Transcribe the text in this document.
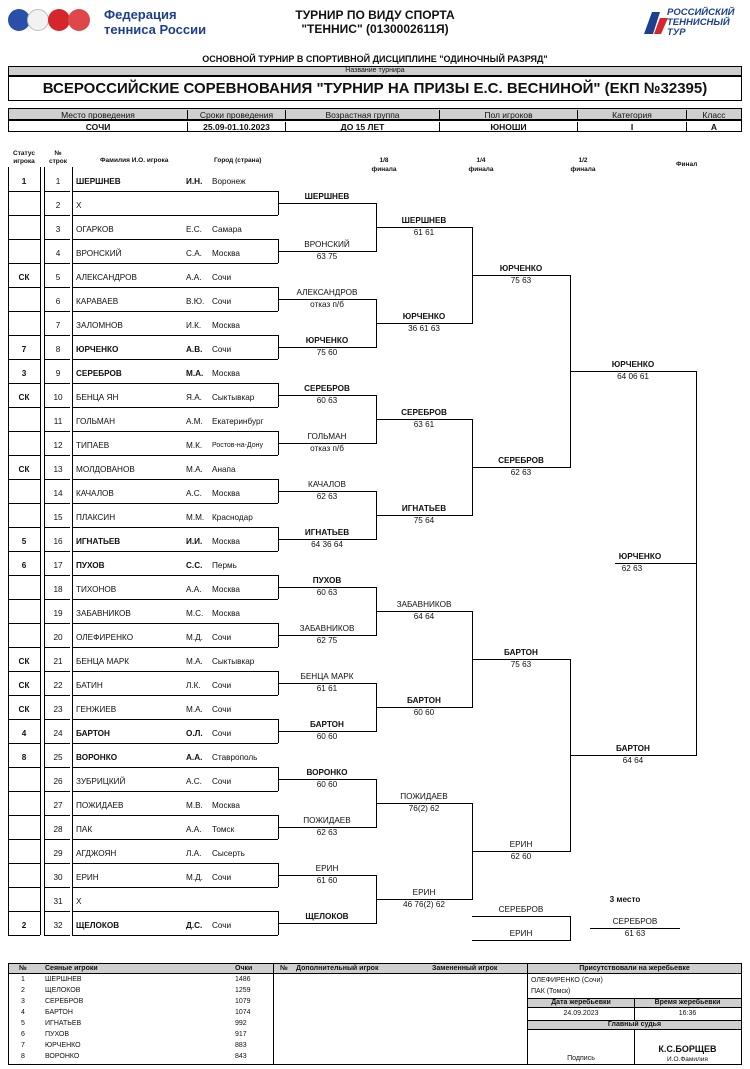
Федерация
тенниса России
ТУРНИР ПО ВИДУ СПОРТА
"ТЕННИС" (0130002611Я)
РОССИЙСКИЙ
ТЕННИСНЫЙ
ТУР
ОСНОВНОЙ ТУРНИР В СПОРТИВНОЙ ДИСЦИПЛИНЕ "ОДИНОЧНЫЙ РАЗРЯД"
Название турнира
ВСЕРОССИЙСКИЕ СОРЕВНОВАНИЯ "ТУРНИР НА ПРИЗЫ Е.С. ВЕСНИНОЙ" (ЕКП №32395)
Место проведения	Сроки проведения	Возрастная группа	Пол игроков	Категория	Класс
СОЧИ	25.09-01.10.2023	ДО 15 ЛЕТ	ЮНОШИ	I	A
Статус игрока
№ строк	Фамилия И.О. игрока	Город (страна)	1/8 финала
1/4 финала
1/2 финала
Финал
1	1 ШЕРШНЕВ	И.Н. Воронеж
2 Х
3 ОГАРКОВ	Е.С. Самара
4 ВРОНСКИЙ	С.А. Москва
СК	5 АЛЕКСАНДРОВ	А.А. Сочи
6 КАРАВАЕВ	В.Ю. Сочи
7 ЗАЛОМНОВ	И.К. Москва
7	8 ЮРЧЕНКО	А.В. Сочи
3	9 СЕРЕБРОВ	М.А. Москва
СК	10 БЕНЦА ЯН	Я.А. Сыктывкар
11 ГОЛЬМАН	А.М. Екатеринбург
12 ТИПАЕВ	М.К. Ростов-на-Дону
СК	13 МОЛДОВАНОВ	М.А. Анапа
14 КАЧАЛОВ	А.С. Москва
15 ПЛАКСИН	М.М. Краснодар
5	16 ИГНАТЬЕВ	И.И. Москва
6	17 ПУХОВ	С.С. Пермь
18 ТИХОНОВ	А.А. Москва
19 ЗАБАВНИКОВ	М.С. Москва
20 ОЛЕФИРЕНКО	М.Д. Сочи
СК	21 БЕНЦА МАРК	М.А. Сыктывкар
СК	22 БАТИН	Л.К. Сочи
СК	23 ГЕНЖИЕВ	М.А. Сочи
4	24 БАРТОН	О.Л. Сочи
8	25 ВОРОНКО	А.А. Ставрополь
26 ЗУБРИЦКИЙ	А.С. Сочи
27 ПОЖИДАЕВ	М.В. Москва
28 ПАК	А.А. Томск
29 АГДЖОЯН	Л.А. Сысерть
30 ЕРИН	М.Д. Сочи
31 Х
2	32 ЩЕЛОКОВ	Д.С. Сочи
ШЕРШНЕВ
ВРОНСКИЙ
63 75
АЛЕКСАНДРОВ
отказ п/б
ЮРЧЕНКО
75 60
СЕРЕБРОВ
60 63
ГОЛЬМАН
отказ п/б
КАЧАЛОВ
62 63
ИГНАТЬЕВ
64 36 64
ПУХОВ
60 63
ЗАБАВНИКОВ
62 75
БЕНЦА МАРК
61 61
БАРТОН
60 60
ВОРОНКО
60 60
ПОЖИДАЕВ
62 63
ЕРИН
61 60
ЩЕЛОКОВ
ШЕРШНЕВ
61 61
ЮРЧЕНКО
36 61 63
СЕРЕБРОВ
63 61
ИГНАТЬЕВ
75 64
ЗАБАВНИКОВ
64 64
БАРТОН
60 60
ПОЖИДАЕВ
76(2) 62
ЕРИН
46 76(2) 62
ЮРЧЕНКО
75 63
СЕРЕБРОВ
62 63
БАРТОН
75 63
ЕРИН
62 60
ЮРЧЕНКО
64 06 61
БАРТОН
64 64
ЮРЧЕНКО
62 63
СЕРЕБРОВ
ЕРИН
СЕРЕБРОВ
61 63
3 место
№	Сеяные игроки	Очки
1	ШЕРШНЕВ	1486
2	ЩЕЛОКОВ	1259
3	СЕРЕБРОВ	1079
4	БАРТОН	1074
5	ИГНАТЬЕВ	992
6	ПУХОВ	917
7	ЮРЧЕНКО	883
8	ВОРОНКО	843
№ Дополнительный игрок	Замененный игрок	Присутствовали на жеребьевке
ОЛЕФИРЕНКО (Сочи)
ПАК (Томск)
Дата жеребьевки	Время жеребьевки
24.09.2023	16:36
Главный судья
Подпись
К.С.БОРЩЕВ
И.О.Фамилия
